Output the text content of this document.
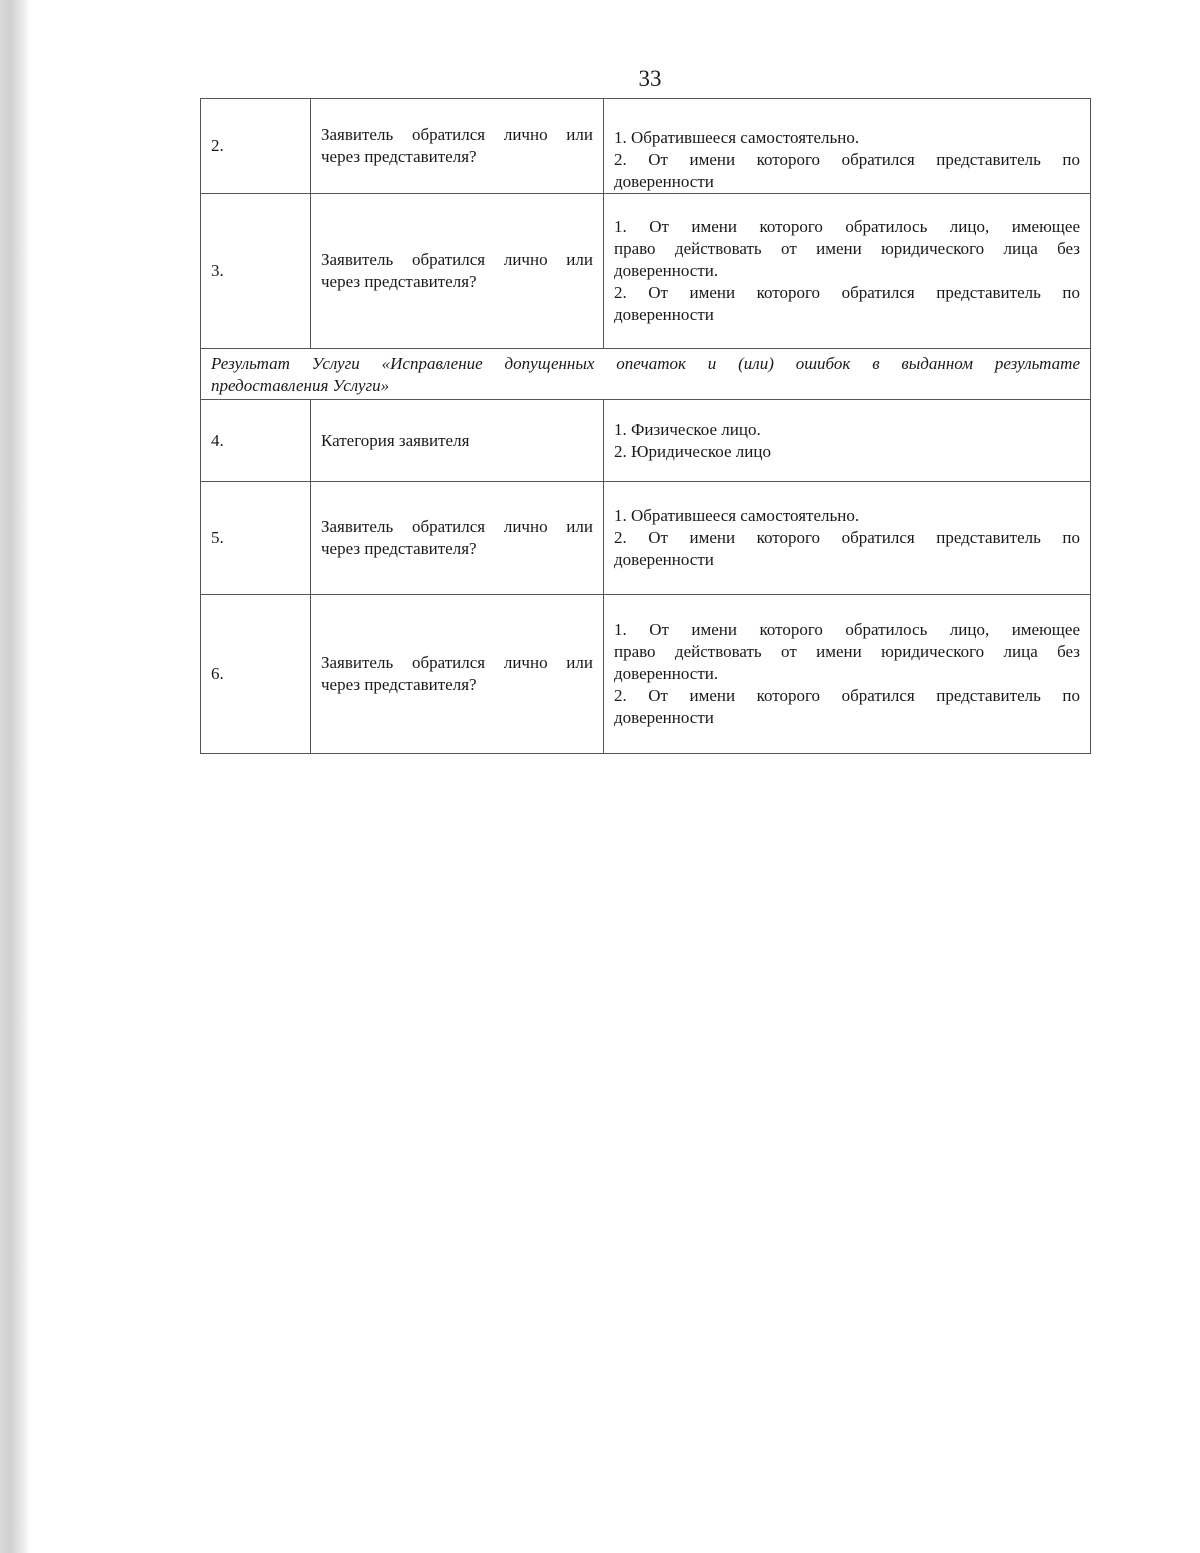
33
2.	Заявитель обратился лично или
через представителя?	1. Обратившееся самостоятельно.
2. От имени которого обратился представитель по
доверенности

3.	Заявитель обратился лично или
через представителя?	1. От имени которого обратилось лицо, имеющее
право действовать от имени юридического лица без
доверенности.
2. От имени которого обратился представитель по
доверенности

Результат Услуги «Исправление допущенных опечаток и (или) ошибок в выданном результате
предоставления Услуги»		

4.	Категория заявителя	1. Физическое лицо.
2. Юридическое лицо

5.	Заявитель обратился лично или
через представителя?	1. Обратившееся самостоятельно.
2. От имени которого обратился представитель по
доверенности

6.	Заявитель обратился лично или
через представителя?	1. От имени которого обратилось лицо, имеющее
право действовать от имени юридического лица без
доверенности.
2. От имени которого обратился представитель по
доверенности
